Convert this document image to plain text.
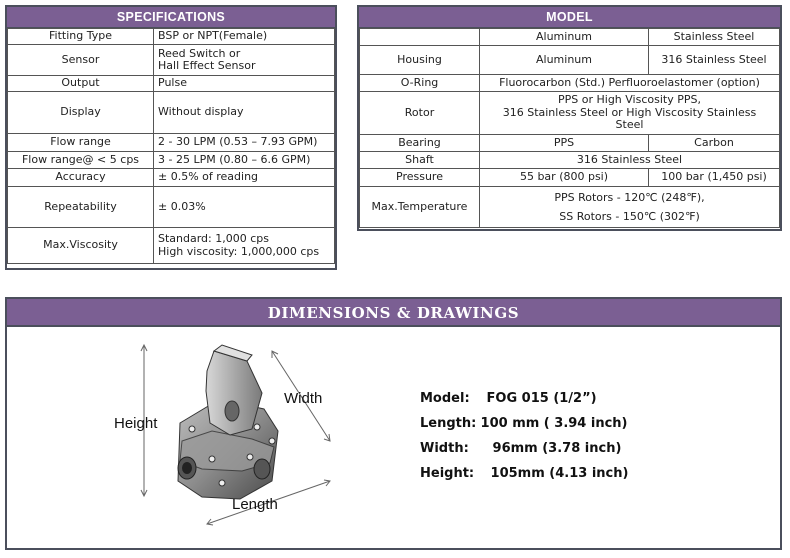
SPECIFICATIONS
Fitting Type	BSP or NPT(Female)
Sensor	Reed Switch or
Hall Effect Sensor
Output	Pulse
Display	Without display
Flow range	2 - 30 LPM (0.53 – 7.93 GPM)
Flow range@ < 5 cps	3 - 25 LPM (0.80 – 6.6 GPM)
Accuracy	± 0.5% of reading
Repeatability	± 0.03%
Max.Viscosity	Standard: 1,000 cps
High viscosity: 1,000,000 cps
MODEL
	Aluminum	Stainless Steel
Housing	Aluminum	316 Stainless Steel
O-Ring	Fluorocarbon (Std.) Perfluoroelastomer (option)	
Rotor	PPS or High Viscosity PPS,
316 Stainless Steel or High Viscosity Stainless
Steel	
Bearing	PPS	Carbon
Shaft	316 Stainless Steel	
Pressure	55 bar (800 psi)	100 bar (1,450 psi)
Max.Temperature	PPS Rotors - 120℃ (248℉),
SS Rotors - 150℃ (302℉)	
DIMENSIONS & DRAWINGS
Height
Width
Length
Model: FOG 015 (1/2”)
Length: 100 mm ( 3.94 inch)
Width: 96mm (3.78 inch)
Height: 105mm (4.13 inch)
